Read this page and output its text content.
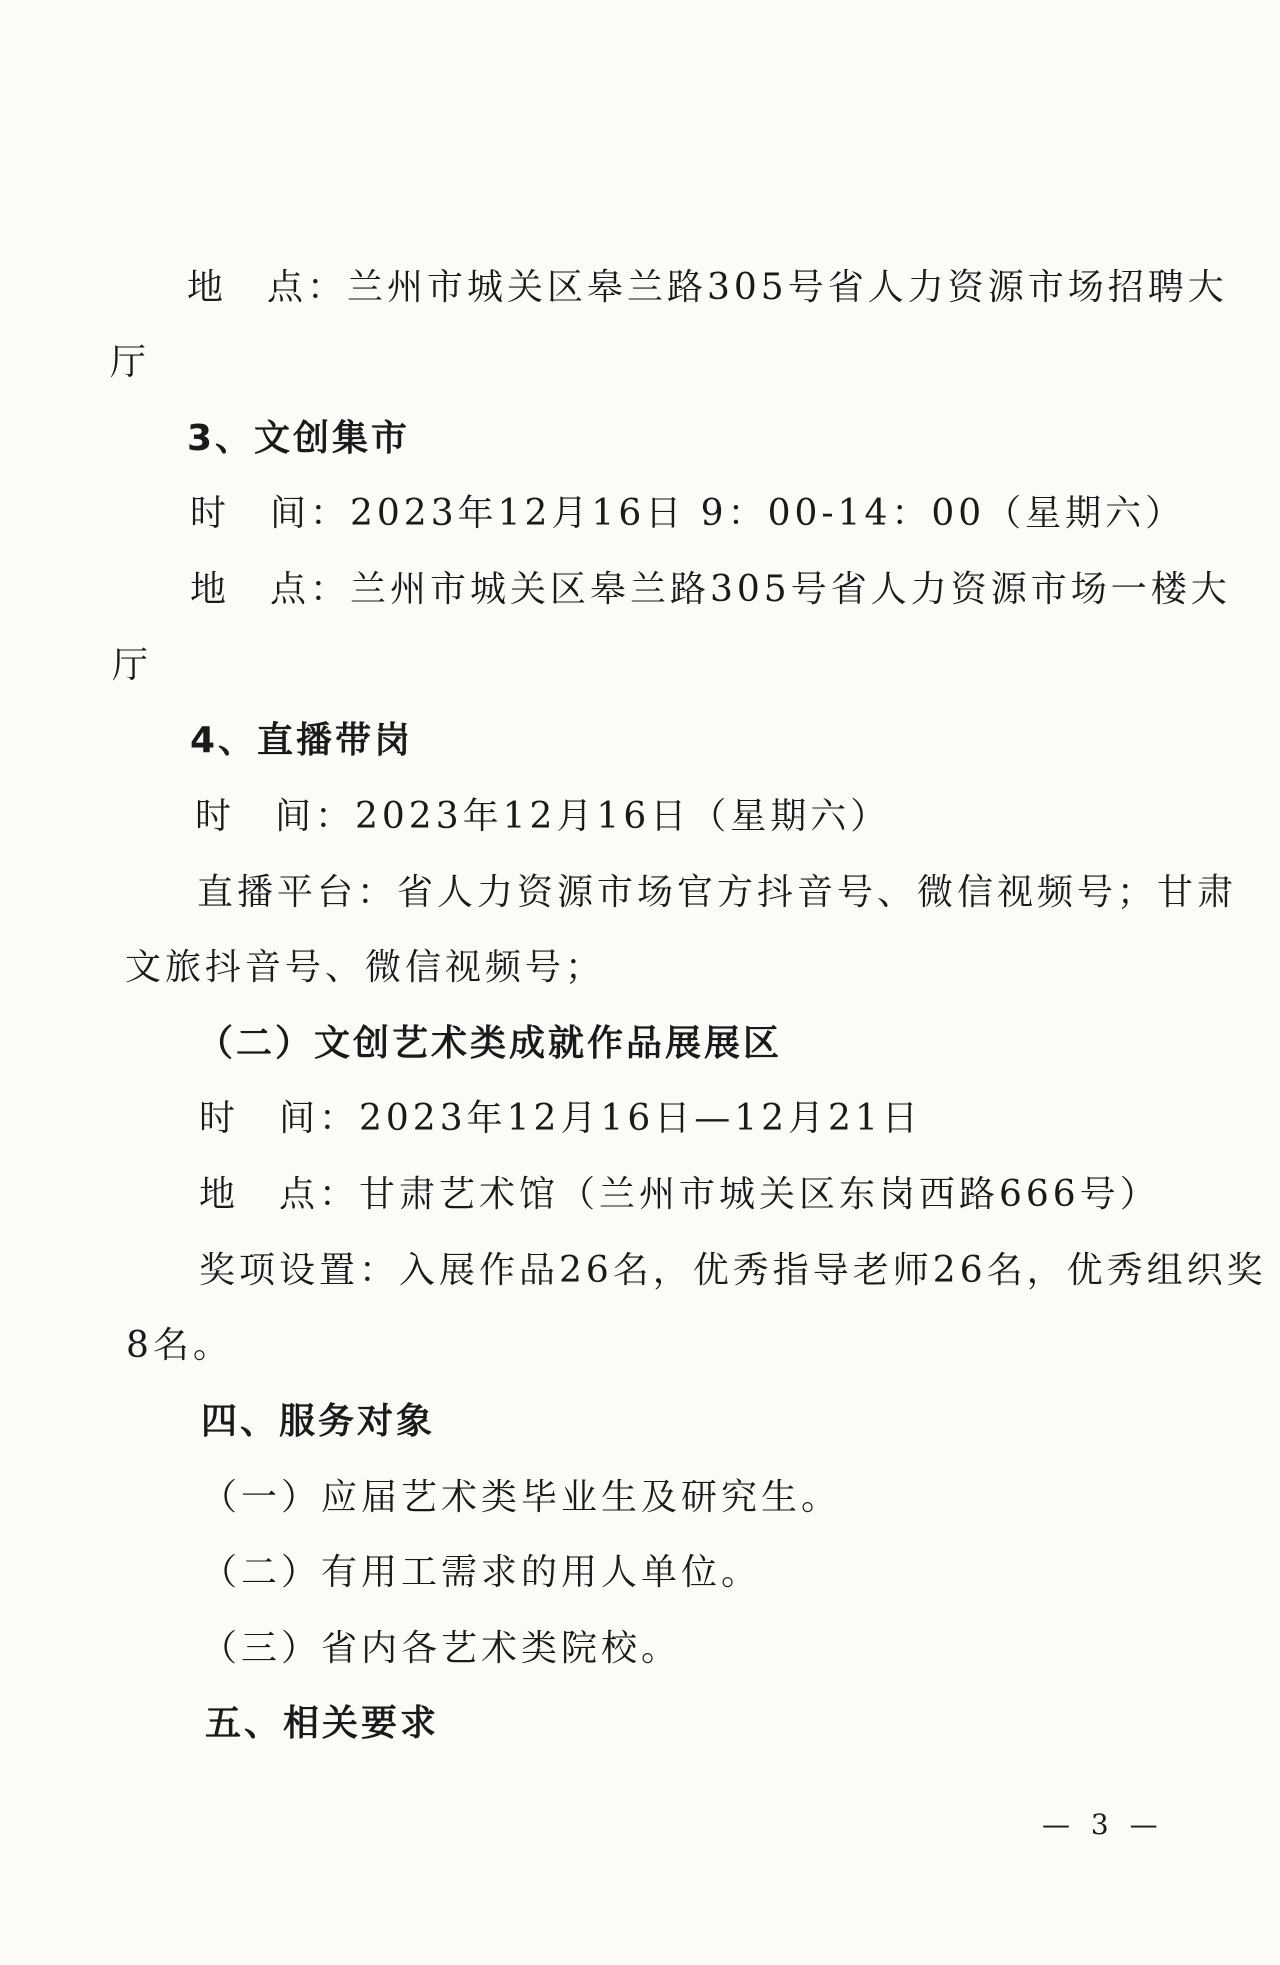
地　点：兰州市城关区皋兰路305号省人力资源市场招聘大
厅
3、文创集市
时　间：2023年12月16日 9：00-14：00（星期六）
地　点：兰州市城关区皋兰路305号省人力资源市场一楼大
厅
4、直播带岗
时　间：2023年12月16日（星期六）
直播平台：省人力资源市场官方抖音号、微信视频号；甘肃
文旅抖音号、微信视频号；
（二）文创艺术类成就作品展展区
时　间：2023年12月16日—12月21日
地　点：甘肃艺术馆（兰州市城关区东岗西路666号）
奖项设置：入展作品26名，优秀指导老师26名，优秀组织奖
8名。
四、服务对象
（一）应届艺术类毕业生及研究生。
（二）有用工需求的用人单位。
（三）省内各艺术类院校。
五、相关要求
— 3 —
